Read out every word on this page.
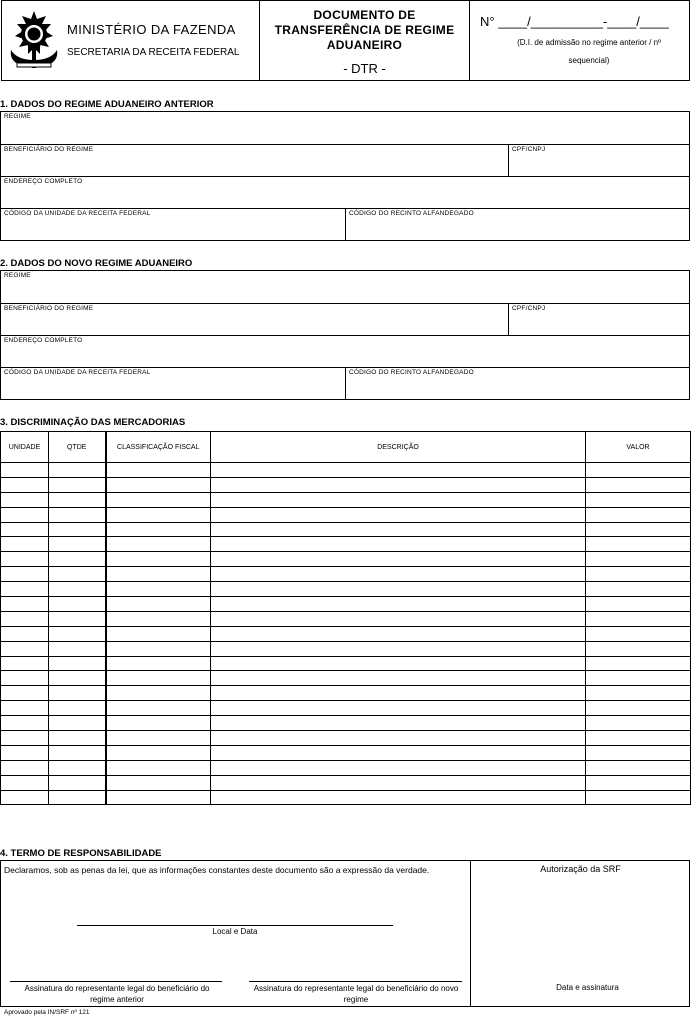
MINISTÉRIO DA FAZENDA
SECRETARIA DA RECEITA FEDERAL
DOCUMENTO DE TRANSFERÊNCIA DE REGIME ADUANEIRO
- DTR -
N° ____/__________-____/____
(D.I. de admissão no regime anterior / nº sequencial)
1. DADOS DO REGIME ADUANEIRO ANTERIOR
REGIME
BENEFICIÁRIO DO REGIME	CPF/CNPJ
ENDEREÇO COMPLETO
CÓDIGO DA UNIDADE DA RECEITA FEDERAL	CÓDIGO DO RECINTO ALFANDEGADO
2. DADOS DO NOVO REGIME ADUANEIRO
REGIME
BENEFICIÁRIO DO REGIME	CPF/CNPJ
ENDEREÇO COMPLETO
CÓDIGO DA UNIDADE DA RECEITA FEDERAL	CÓDIGO DO RECINTO ALFANDEGADO
3. DISCRIMINAÇÃO DAS MERCADORIAS
UNIDADE	QTDE	CLASSIFICAÇÃO FISCAL	DESCRIÇÃO	VALOR

4. TERMO DE RESPONSABILIDADE
Declaramos, sob as penas da lei, que as informações constantes deste documento são a expressão da verdade.
Local e Data
Assinatura do representante legal do beneficiário do regime anterior
Assinatura do representante legal do beneficiário do novo regime
Autorização da SRF
Data e assinatura
Aprovado pela IN/SRF nº 121
